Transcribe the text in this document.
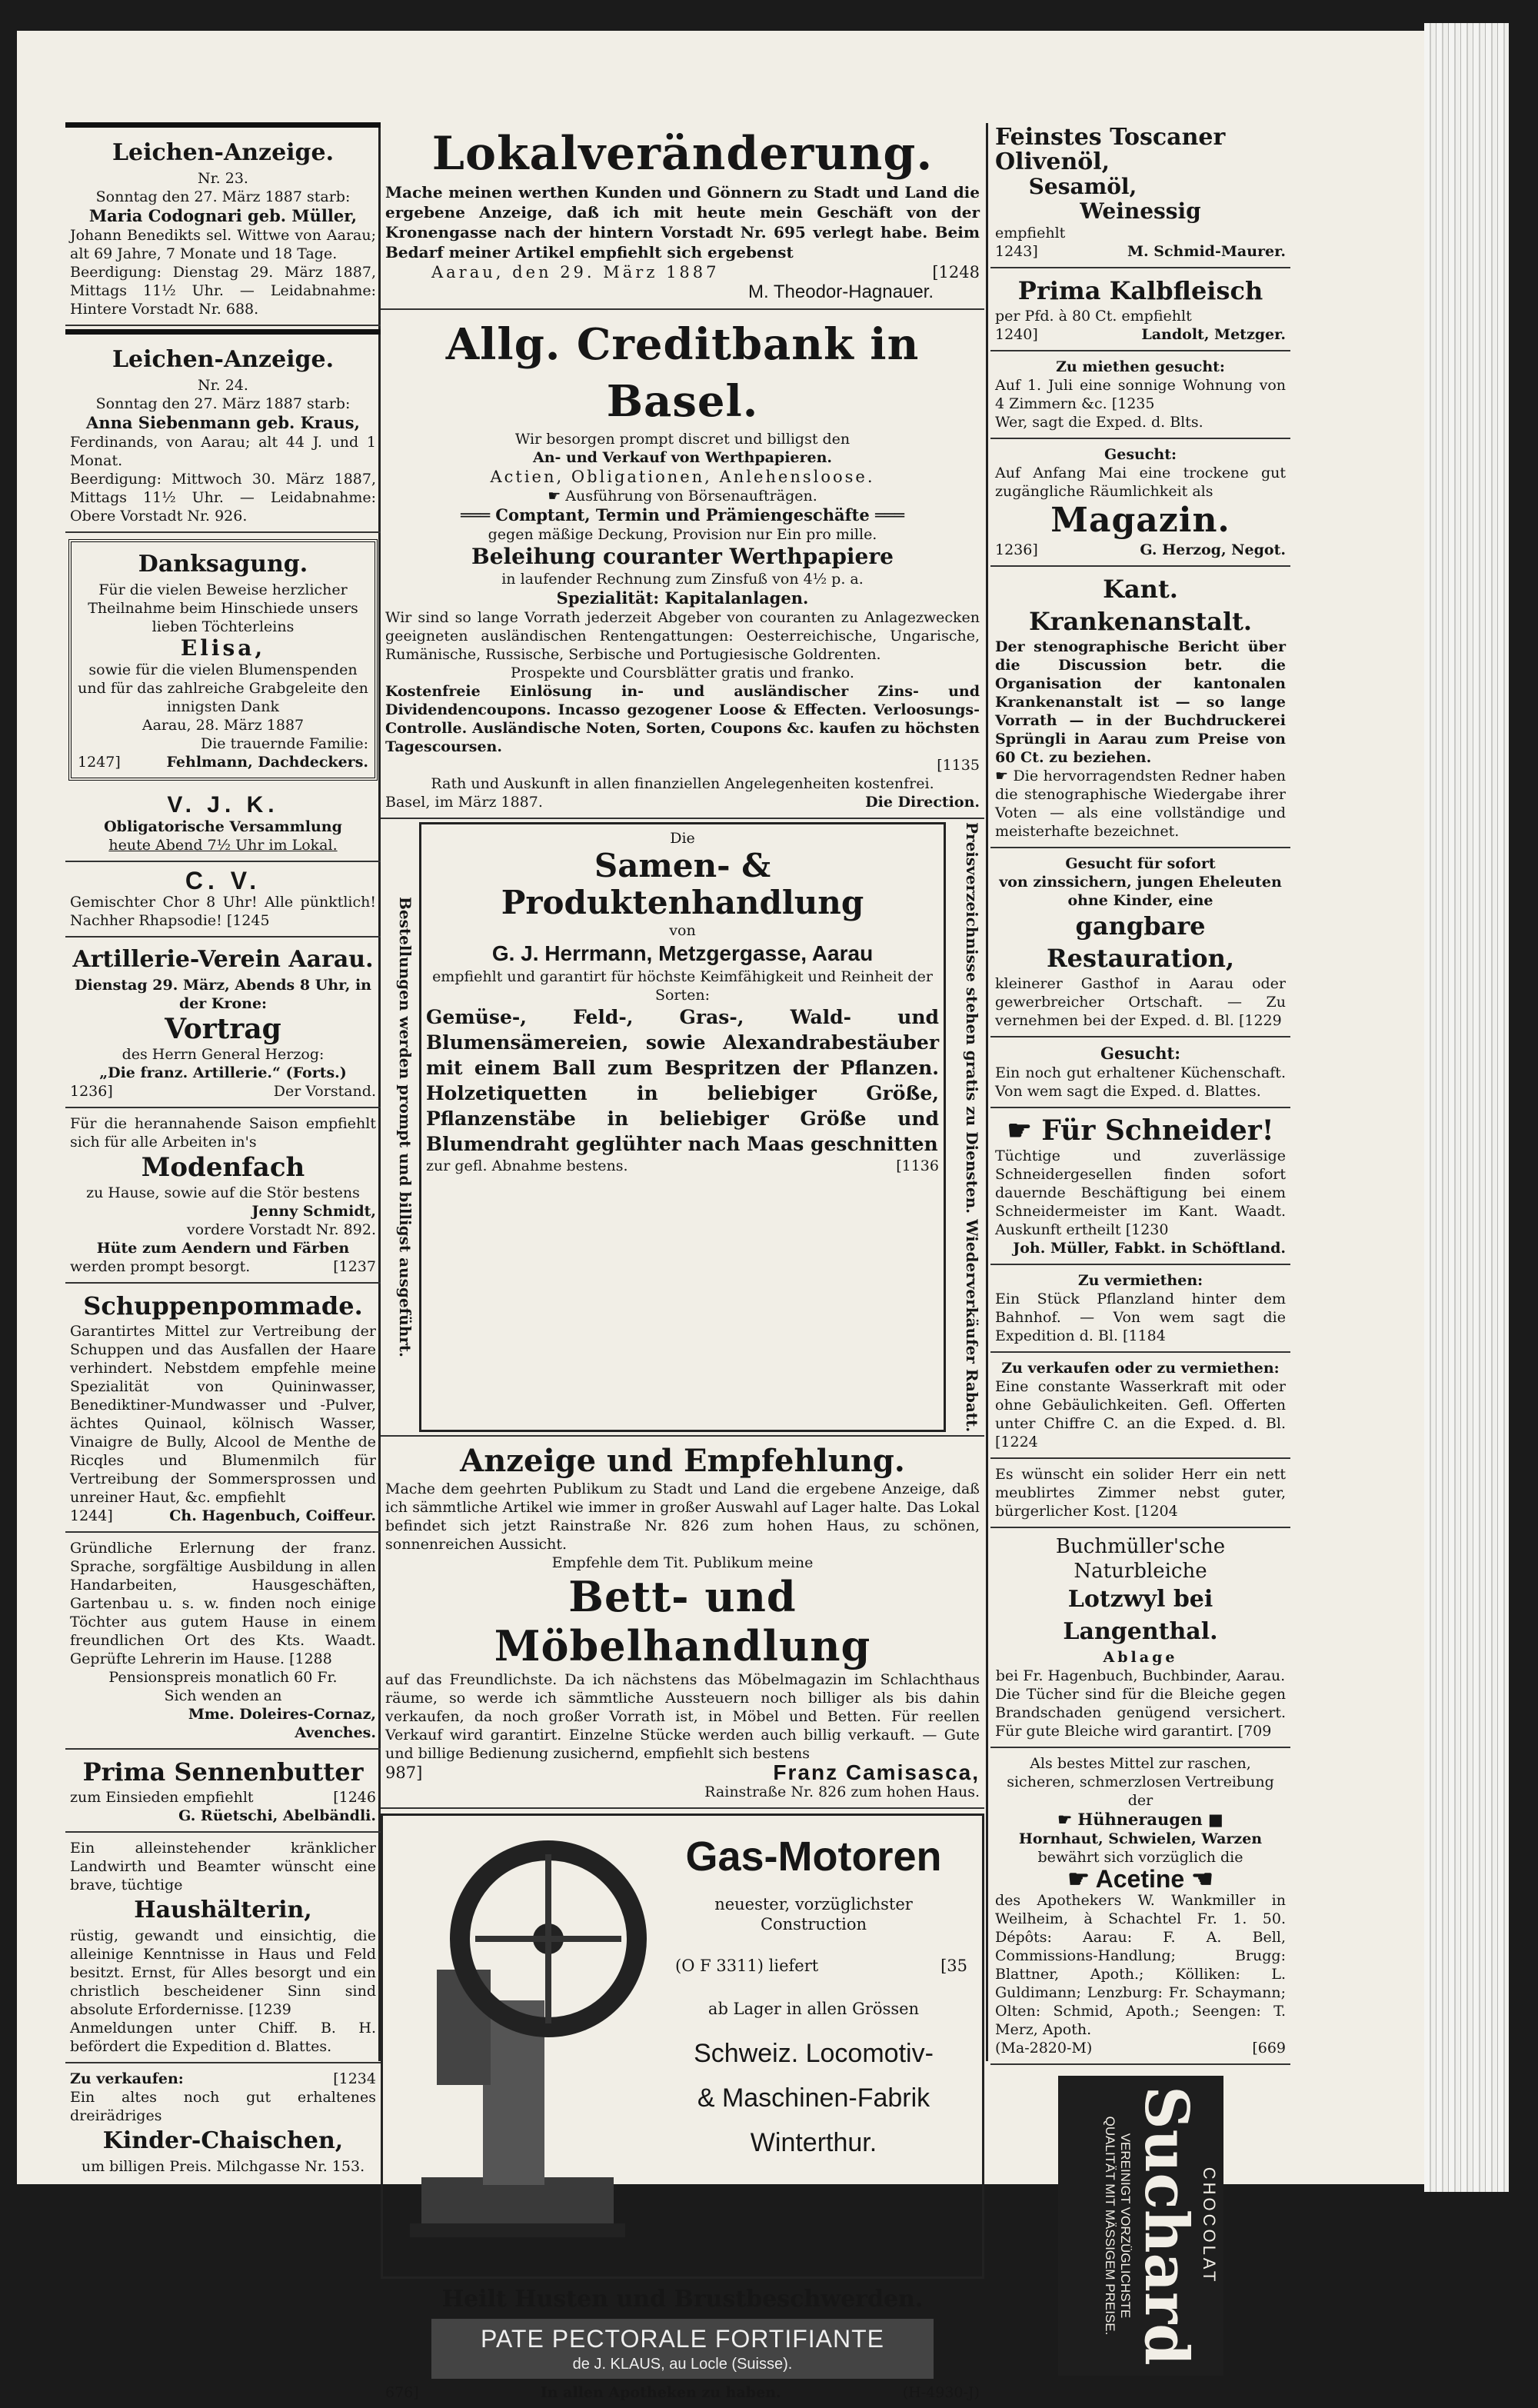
Leichen-Anzeige.
Nr. 23.
Sonntag den 27. März 1887 starb:
Maria Codognari geb. Müller,
Johann Benedikts sel. Wittwe von Aarau; alt 69 Jahre, 7 Monate und 18 Tage.
Beerdigung: Dienstag 29. März 1887, Mittags 11½ Uhr. — Leidabnahme: Hintere Vorstadt Nr. 688.
Leichen-Anzeige.
Nr. 24.
Sonntag den 27. März 1887 starb:
Anna Siebenmann geb. Kraus,
Ferdinands, von Aarau; alt 44 J. und 1 Monat.
Beerdigung: Mittwoch 30. März 1887, Mittags 11½ Uhr. — Leidabnahme: Obere Vorstadt Nr. 926.
Danksagung.
Für die vielen Beweise herzlicher Theilnahme beim Hinschiede unsers lieben Töchterleins
Elisa,
sowie für die vielen Blumenspenden und für das zahlreiche Grabgeleite den innigsten Dank
Aarau, 28. März 1887
Die trauernde Familie:
1247]	Fehlmann, Dachdeckers.
V. J. K.
Obligatorische Versammlung
heute Abend 7½ Uhr im Lokal.
C. V.
Gemischter Chor 8 Uhr! Alle pünktlich! Nachher Rhapsodie! [1245
Artillerie-Verein Aarau.
Dienstag 29. März, Abends 8 Uhr, in der Krone:
Vortrag
des Herrn General Herzog:
„Die franz. Artillerie.“ (Forts.)
1236]	Der Vorstand.
Für die herannahende Saison empfiehlt sich für alle Arbeiten in's
Modenfach
zu Hause, sowie auf die Stör bestens
Jenny Schmidt,
vordere Vorstadt Nr. 892.
Hüte zum Aendern und Färben
werden prompt besorgt.	[1237
Schuppenpommade.
Garantirtes Mittel zur Vertreibung der Schuppen und das Ausfallen der Haare verhindert. Nebstdem empfehle meine Spezialität von Quininwasser, Benediktiner-Mundwasser und -Pulver, ächtes Quinaol, kölnisch Wasser, Vinaigre de Bully, Alcool de Menthe de Ricqles und Blumenmilch für Vertreibung der Sommersprossen und unreiner Haut, &c. empfiehlt
1244]	Ch. Hagenbuch, Coiffeur.
Gründliche Erlernung der franz. Sprache, sorgfältige Ausbildung in allen Handarbeiten, Hausgeschäften, Gartenbau u. s. w. finden noch einige Töchter aus gutem Hause in einem freundlichen Ort des Kts. Waadt. Geprüfte Lehrerin im Hause. [1288
Pensionspreis monatlich 60 Fr.
Sich wenden an
Mme. Doleires-Cornaz,
Avenches.
Prima Sennenbutter
zum Einsieden empfiehlt	[1246
G. Rüetschi, Abelbändli.
Ein alleinstehender kränklicher Landwirth und Beamter wünscht eine brave, tüchtige
Haushälterin,
rüstig, gewandt und einsichtig, die alleinige Kenntnisse in Haus und Feld besitzt. Ernst, für Alles besorgt und ein christlich bescheidener Sinn sind absolute Erfordernisse. [1239
Anmeldungen unter Chiff. B. H. befördert die Expedition d. Blattes.
Zu verkaufen:	[1234
Ein altes noch gut erhaltenes dreirädriges
Kinder-Chaischen,
um billigen Preis. Milchgasse Nr. 153.
Lokalveränderung.
Mache meinen werthen Kunden und Gönnern zu Stadt und Land die ergebene Anzeige, daß ich mit heute mein Geschäft von der Kronengasse nach der hintern Vorstadt Nr. 695 verlegt habe. Beim Bedarf meiner Artikel empfiehlt sich ergebenst
Aarau, den 29. März 1887	[1248
M. Theodor-Hagnauer.
Allg. Creditbank in Basel.
Wir besorgen prompt discret und billigst den
An- und Verkauf von Werthpapieren.
Actien, Obligationen, Anlehensloose.
☛ Ausführung von Börsenaufträgen.
═══ Comptant, Termin und Prämiengeschäfte ═══
gegen mäßige Deckung, Provision nur Ein pro mille.
Beleihung couranter Werthpapiere
in laufender Rechnung zum Zinsfuß von 4½ p. a.
Spezialität: Kapitalanlagen.
Wir sind so lange Vorrath jederzeit Abgeber von couranten zu Anlagezwecken geeigneten ausländischen Rentengattungen: Oesterreichische, Ungarische, Rumänische, Russische, Serbische und Portugiesische Goldrenten.
Prospekte und Coursblätter gratis und franko.
Kostenfreie Einlösung in- und ausländischer Zins- und Dividendencoupons. Incasso gezogener Loose & Effecten. Verloosungs-Controlle. Ausländische Noten, Sorten, Coupons &c. kaufen zu höchsten Tagescoursen.
[1135
Rath und Auskunft in allen finanziellen Angelegenheiten kostenfrei.
Basel, im März 1887.	Die Direction.
Bestellungen werden prompt und billigst ausgeführt.
Die
Samen- & Produktenhandlung
von
G. J. Herrmann, Metzgergasse, Aarau
empfiehlt und garantirt für höchste Keimfähigkeit und Reinheit der Sorten:
Gemüse-, Feld-, Gras-, Wald- und Blumensämereien, sowie Alexandrabestäuber mit einem Ball zum Bespritzen der Pflanzen. Holzetiquetten in beliebiger Größe, Pflanzenstäbe in beliebiger Größe und Blumendraht geglühter nach Maas geschnitten
zur gefl. Abnahme bestens.	[1136	Preisverzeichnisse stehen gratis zu Diensten. Wiederverkäufer Rabatt.
Anzeige und Empfehlung.
Mache dem geehrten Publikum zu Stadt und Land die ergebene Anzeige, daß ich sämmtliche Artikel wie immer in großer Auswahl auf Lager halte. Das Lokal befindet sich jetzt Rainstraße Nr. 826 zum hohen Haus, zu schönen, sonnenreichen Aussicht.
Empfehle dem Tit. Publikum meine
Bett- und Möbelhandlung
auf das Freundlichste. Da ich nächstens das Möbelmagazin im Schlachthaus räume, so werde ich sämmtliche Aussteuern noch billiger als bis dahin verkaufen, da noch großer Vorrath ist, in Möbel und Betten. Für reellen Verkauf wird garantirt. Einzelne Stücke werden auch billig verkauft. — Gute und billige Bedienung zusichernd, empfiehlt sich bestens
987]	Franz Camisasca,
Rainstraße Nr. 826 zum hohen Haus.
Gas-Motoren
neuester, vorzüglichster Construction
(O F 3311) liefert	[35
ab Lager in allen Grössen
Schweiz. Locomotiv-
& Maschinen-Fabrik
Winterthur.
Heilt Husten und Brustbeschwerden.
PATE PECTORALE FORTIFIANTE
de J. KLAUS, au Locle (Suisse).
676]	In allen Apotheken zu haben.	(H-4930-J)
Feinstes Toscaner Olivenöl,
Sesamöl,
Weinessig
empfiehlt
1243]	M. Schmid-Maurer.
Prima Kalbfleisch
per Pfd. à 80 Ct. empfiehlt
1240]	Landolt, Metzger.
Zu miethen gesucht:
Auf 1. Juli eine sonnige Wohnung von 4 Zimmern &c. [1235
Wer, sagt die Exped. d. Blts.
Gesucht:
Auf Anfang Mai eine trockene gut zugängliche Räumlichkeit als
Magazin.
1236]	G. Herzog, Negot.
Kant. Krankenanstalt.
Der stenographische Bericht über die Discussion betr. die Organisation der kantonalen Krankenanstalt ist — so lange Vorrath — in der Buchdruckerei Sprüngli in Aarau zum Preise von 60 Ct. zu beziehen.
☛ Die hervorragendsten Redner haben die stenographische Wiedergabe ihrer Voten — als eine vollständige und meisterhafte bezeichnet.
Gesucht für sofort
von zinssichern, jungen Eheleuten ohne Kinder, eine
gangbare Restauration,
kleinerer Gasthof in Aarau oder gewerbreicher Ortschaft. — Zu vernehmen bei der Exped. d. Bl. [1229
Gesucht:
Ein noch gut erhaltener Küchenschaft. Von wem sagt die Exped. d. Blattes.
☛ Für Schneider!
Tüchtige und zuverlässige Schneidergesellen finden sofort dauernde Beschäftigung bei einem Schneidermeister im Kant. Waadt. Auskunft ertheilt [1230
Joh. Müller, Fabkt. in Schöftland.
Zu vermiethen:
Ein Stück Pflanzland hinter dem Bahnhof. — Von wem sagt die Expedition d. Bl. [1184
Zu verkaufen oder zu vermiethen:
Eine constante Wasserkraft mit oder ohne Gebäulichkeiten. Gefl. Offerten unter Chiffre C. an die Exped. d. Bl. [1224
Es wünscht ein solider Herr ein nett meublirtes Zimmer nebst guter, bürgerlicher Kost. [1204
Buchmüller'sche Naturbleiche
Lotzwyl bei Langenthal.
Ablage
bei Fr. Hagenbuch, Buchbinder, Aarau.
Die Tücher sind für die Bleiche gegen Brandschaden genügend versichert. Für gute Bleiche wird garantirt. [709
Als bestes Mittel zur raschen, sicheren, schmerzlosen Vertreibung der
☛ Hühneraugen ■
Hornhaut, Schwielen, Warzen
bewährt sich vorzüglich die
☛ Acetine ☚
des Apothekers W. Wankmiller in Weilheim, à Schachtel Fr. 1. 50. Dépôts: Aarau: F. A. Bell, Commissions-Handlung; Brugg: Blattner, Apoth.; Kölliken: L. Guldimann; Lenzburg: Fr. Schaymann; Olten: Schmid, Apoth.; Seengen: T. Merz, Apoth.
(Ma-2820-M)	[669
CHOCOLAT
Suchard
VEREINIGT VORZÜGLICHSTE
QUALITÄT MIT MÄSSIGEM PREISE.
